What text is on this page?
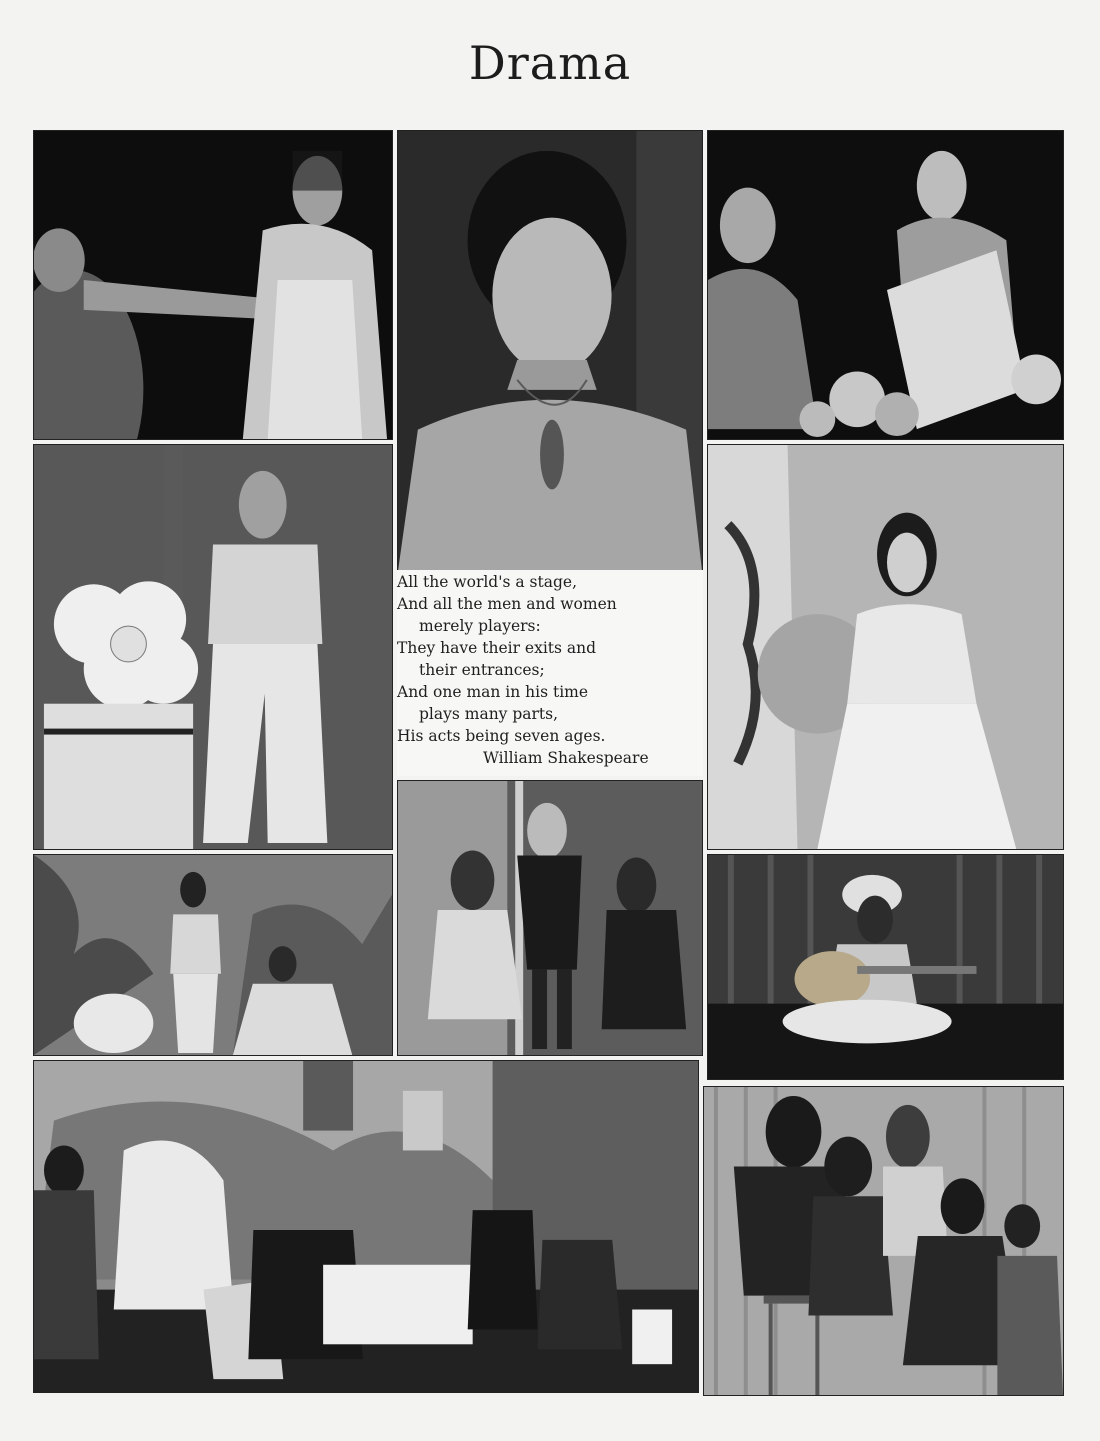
Drama
All the world's a stage,
And all the men and women
merely players:
They have their exits and
their entrances;
And one man in his time
plays many parts,
His acts being seven ages.
William Shakespeare
